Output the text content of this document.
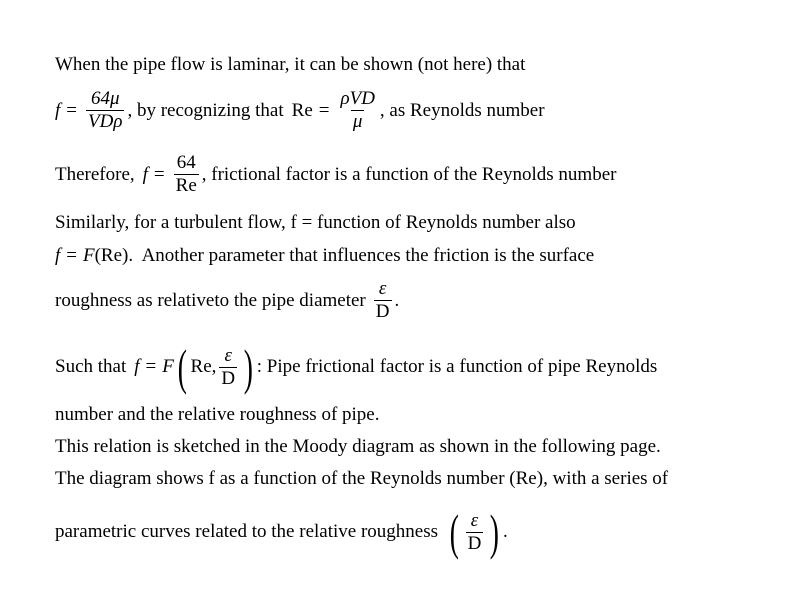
When the pipe flow is laminar, it can be shown (not here) that
$f = \frac{64\mu}{\text{VDρ}}$ , by recognizing that $Re = \frac{\text{ρVD}}{\mu}$ , as Reynolds number
Therefore, $f = \frac{64}{Re}$ , frictional factor is a function of the Reynolds number
Similarly, for a turbulent flow, f = function of Reynolds number also
f = F (Re). Another parameter that influences the friction is the surface
roughness as relativeto the pipe diameter $\frac{\varepsilon}{D}$ .
Such that f = F ( Re, $\frac{\varepsilon}{D}$ ) : Pipe frictional factor is a function of pipe Reynolds
number and the relative roughness of pipe.
This relation is sketched in the Moody diagram as shown in the following page.
The diagram shows f as a function of the Reynolds number (Re), with a series of
parametric curves related to the relative roughness ( $\frac{\varepsilon}{D}$ ) .
